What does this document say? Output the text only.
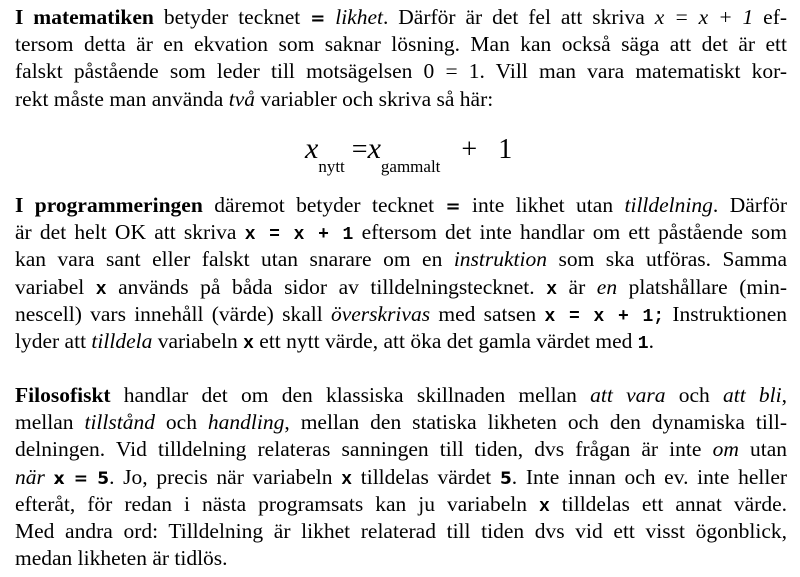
I matematiken betyder tecknet = likhet. Därför är det fel att skriva x = x + 1 ef-
tersom detta är en ekvation som saknar lösning. Man kan också säga att det är ett
falskt påstående som leder till motsägelsen 0 = 1. Vill man vara matematiskt kor-
rekt måste man använda två variabler och skriva så här:
$x_{nytt} =x_{gammalt} + 1$
I programmeringen däremot betyder tecknet = inte likhet utan tilldelning. Därför
är det helt OK att skriva x = x + 1 eftersom det inte handlar om ett påstående som
kan vara sant eller falskt utan snarare om en instruktion som ska utföras. Samma
variabel x används på båda sidor av tilldelningstecknet. x är en platshållare (min-
nescell) vars innehåll (värde) skall överskrivas med satsen x = x + 1; Instruktionen
lyder att tilldela variabeln x ett nytt värde, att öka det gamla värdet med 1.
Filosofiskt handlar det om den klassiska skillnaden mellan att vara och att bli,
mellan tillstånd och handling, mellan den statiska likheten och den dynamiska till-
delningen. Vid tilldelning relateras sanningen till tiden, dvs frågan är inte om utan
när x = 5. Jo, precis när variabeln x tilldelas värdet 5. Inte innan och ev. inte heller
efteråt, för redan i nästa programsats kan ju variabeln x tilldelas ett annat värde.
Med andra ord: Tilldelning är likhet relaterad till tiden dvs vid ett visst ögonblick,
medan likheten är tidlös.
